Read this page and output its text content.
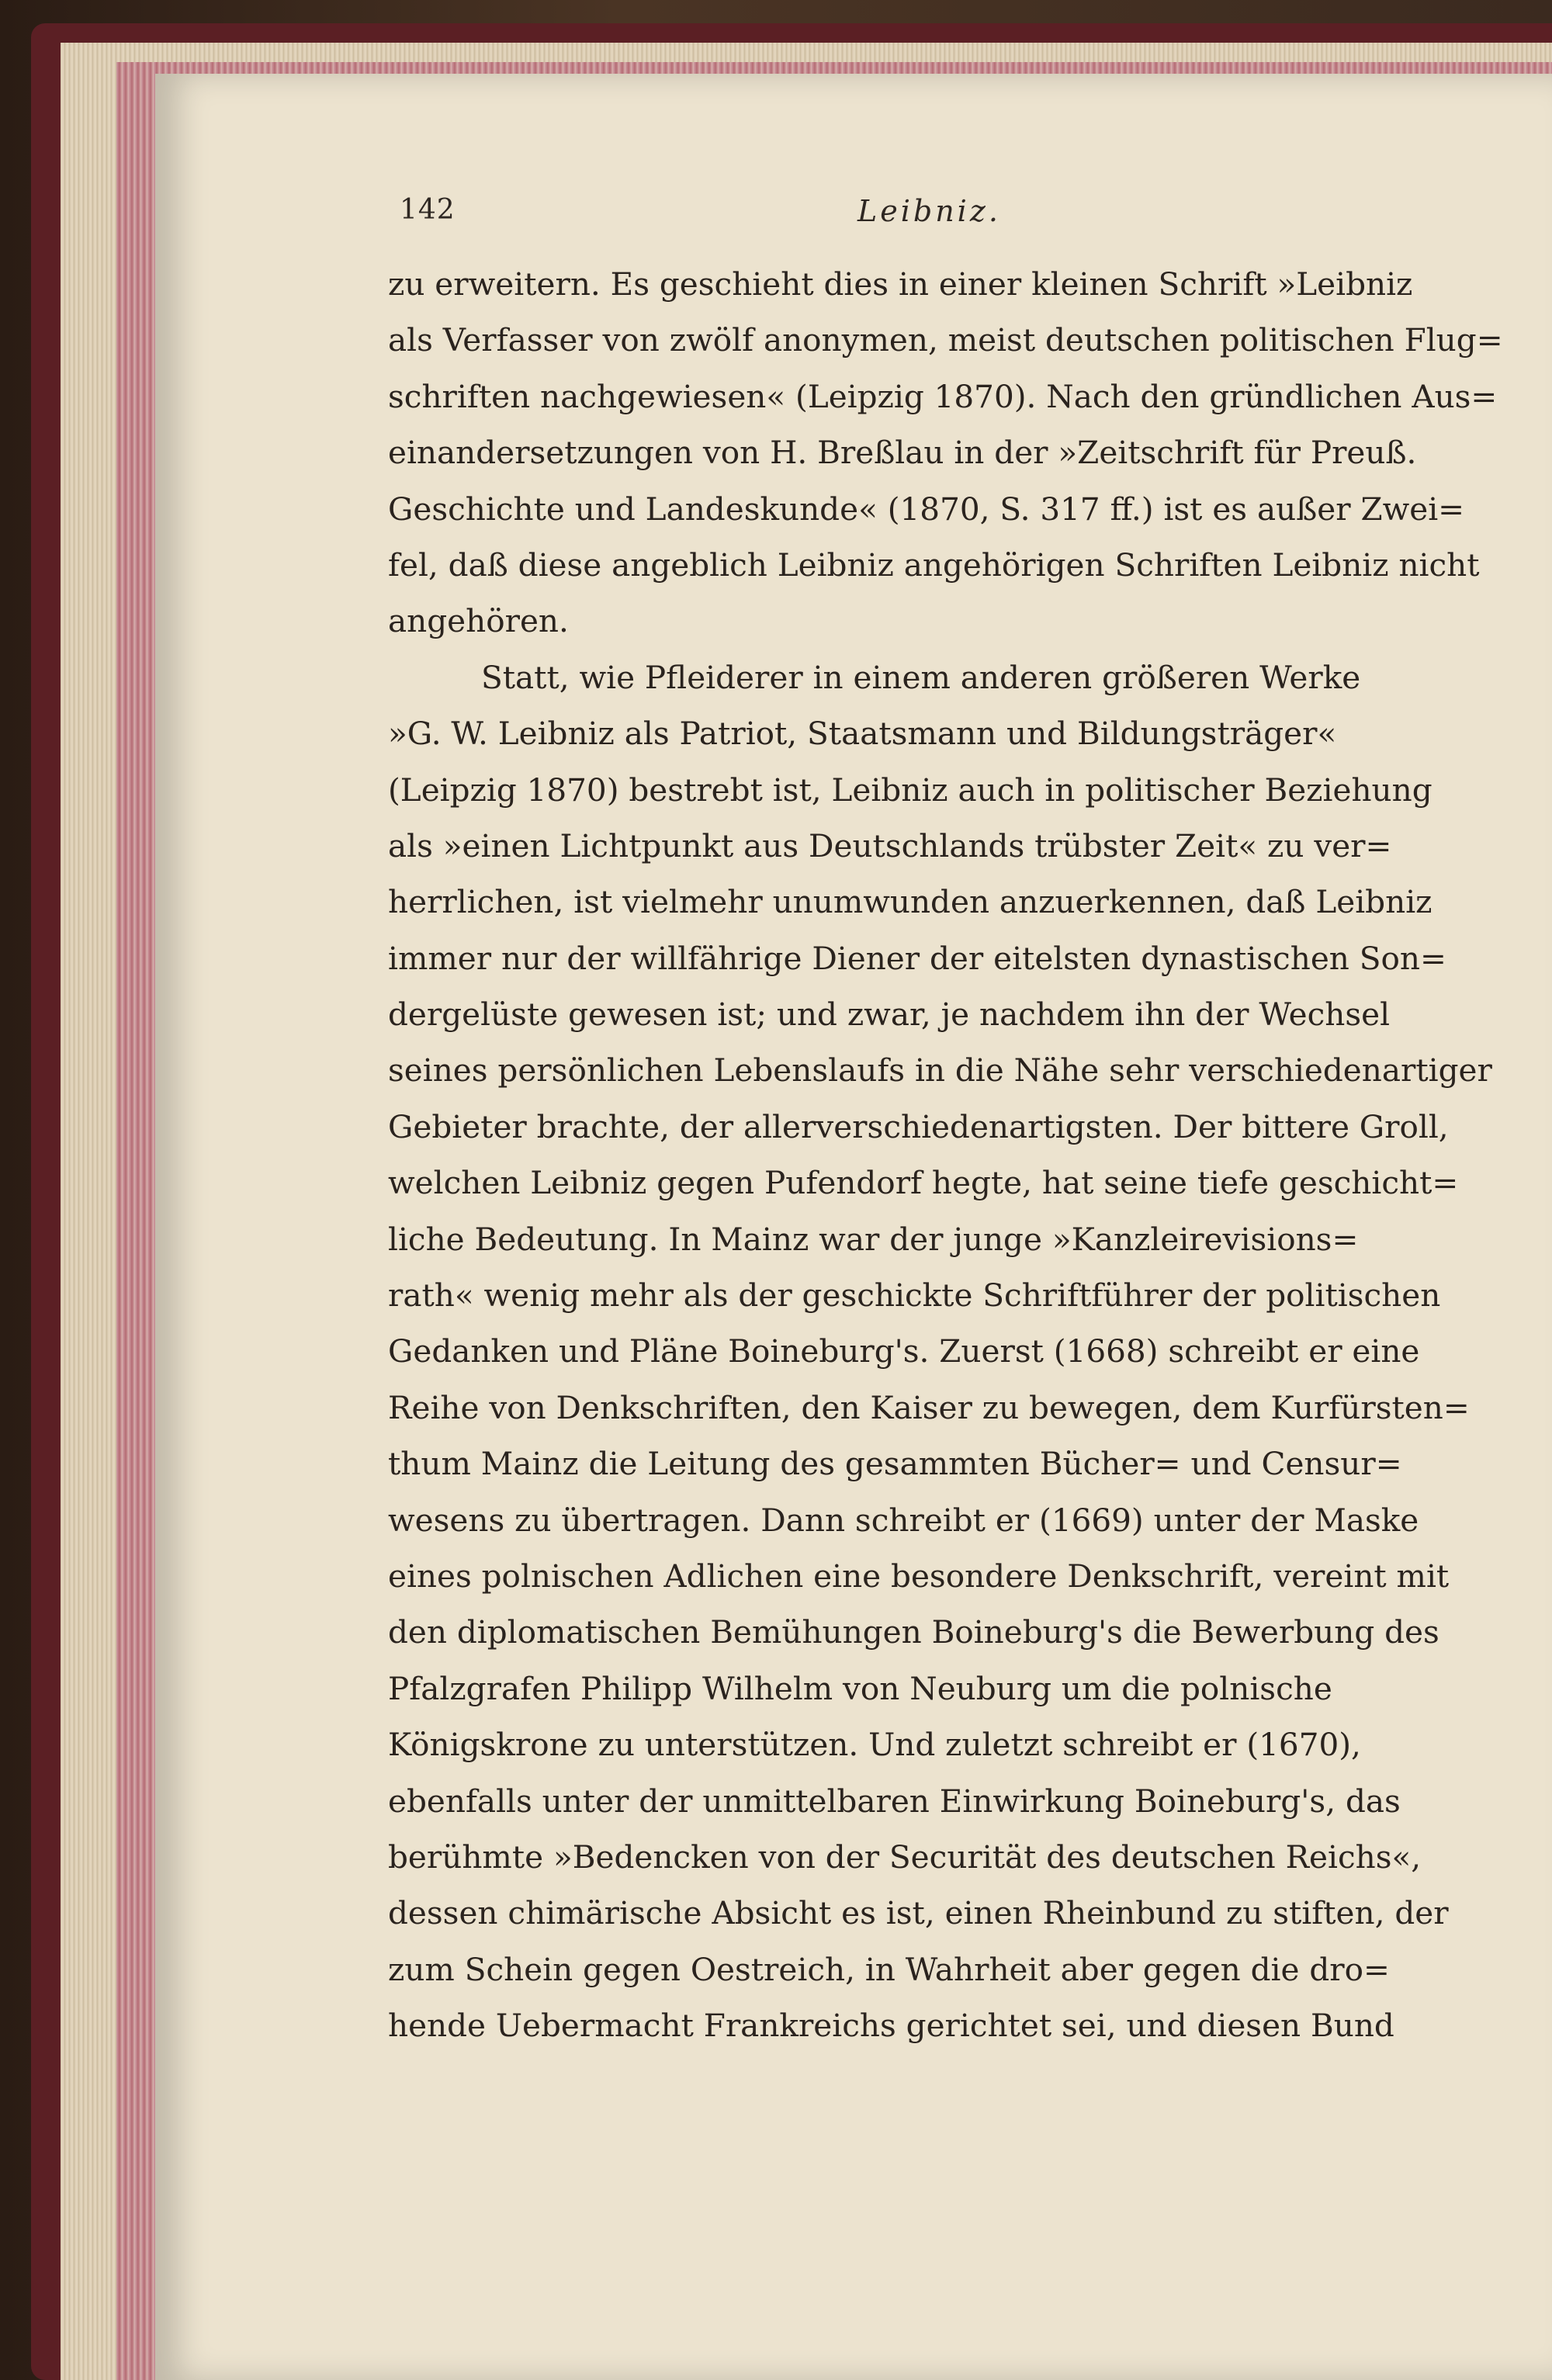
142	Leibniz.
zu erweitern. Es geschieht dies in einer kleinen Schrift »Leibniz
als Verfasser von zwölf anonymen, meist deutschen politischen Flug=
schriften nachgewiesen« (Leipzig 1870). Nach den gründlichen Aus=
einandersetzungen von H. Breßlau in der »Zeitschrift für Preuß.
Geschichte und Landeskunde« (1870, S. 317 ff.) ist es außer Zwei=
fel, daß diese angeblich Leibniz angehörigen Schriften Leibniz nicht
angehören.
Statt, wie Pfleiderer in einem anderen größeren Werke
»G. W. Leibniz als Patriot, Staatsmann und Bildungsträger«
(Leipzig 1870) bestrebt ist, Leibniz auch in politischer Beziehung
als »einen Lichtpunkt aus Deutschlands trübster Zeit« zu ver=
herrlichen, ist vielmehr unumwunden anzuerkennen, daß Leibniz
immer nur der willfährige Diener der eitelsten dynastischen Son=
dergelüste gewesen ist; und zwar, je nachdem ihn der Wechsel
seines persönlichen Lebenslaufs in die Nähe sehr verschiedenartiger
Gebieter brachte, der allerverschiedenartigsten. Der bittere Groll,
welchen Leibniz gegen Pufendorf hegte, hat seine tiefe geschicht=
liche Bedeutung. In Mainz war der junge »Kanzleirevisions=
rath« wenig mehr als der geschickte Schriftführer der politischen
Gedanken und Pläne Boineburg's. Zuerst (1668) schreibt er eine
Reihe von Denkschriften, den Kaiser zu bewegen, dem Kurfürsten=
thum Mainz die Leitung des gesammten Bücher= und Censur=
wesens zu übertragen. Dann schreibt er (1669) unter der Maske
eines polnischen Adlichen eine besondere Denkschrift, vereint mit
den diplomatischen Bemühungen Boineburg's die Bewerbung des
Pfalzgrafen Philipp Wilhelm von Neuburg um die polnische
Königskrone zu unterstützen. Und zuletzt schreibt er (1670),
ebenfalls unter der unmittelbaren Einwirkung Boineburg's, das
berühmte »Bedencken von der Securität des deutschen Reichs«,
dessen chimärische Absicht es ist, einen Rheinbund zu stiften, der
zum Schein gegen Oestreich, in Wahrheit aber gegen die dro=
hende Uebermacht Frankreichs gerichtet sei, und diesen Bund
